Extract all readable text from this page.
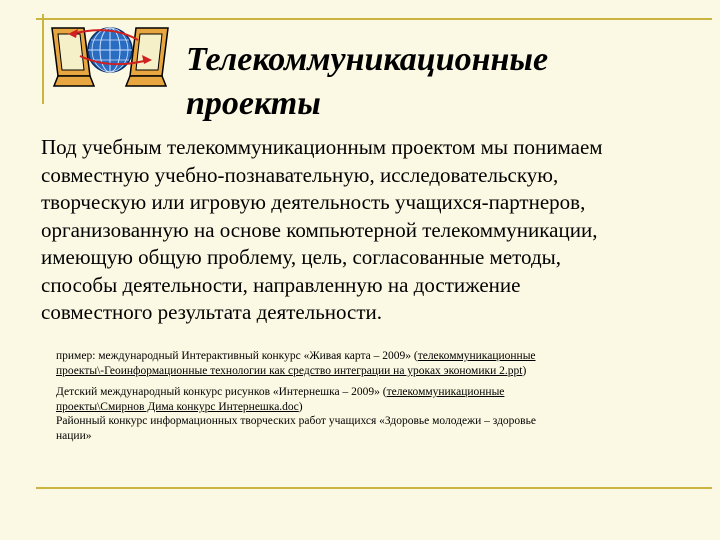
Телекоммуникационные
проекты
Под учебным телекоммуникационным проектом мы понимаем
совместную учебно-познавательную, исследовательскую,
творческую или игровую деятельность учащихся-партнеров,
организованную на основе компьютерной телекоммуникации,
имеющую общую проблему, цель, согласованные методы,
способы деятельности, направленную на достижение
совместного результата деятельности.
пример: международный Интерактивный конкурс «Живая карта – 2009» (телекоммуникационные
проекты\-Геоинформационные технологии как средство интеграции на уроках экономики 2.ppt)
Детский международный конкурс рисунков «Интернешка – 2009» (телекоммуникационные
проекты\Смирнов Дима конкурс Интернешка.doc)
Районный конкурс информационных творческих работ учащихся «Здоровье молодежи – здоровье
нации»
